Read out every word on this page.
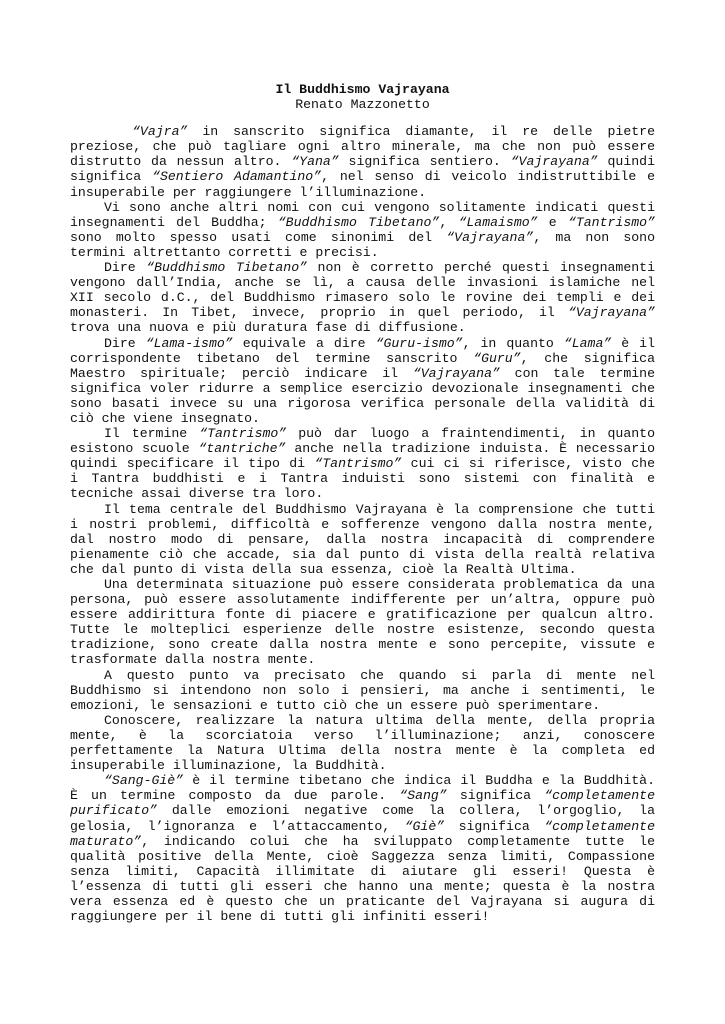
Il Buddhismo Vajrayana

Renato Mazzonetto

“Vajra” in sanscrito significa diamante, il re delle pietre preziose, che può tagliare ogni altro minerale, ma che non può essere distrutto da nessun altro. “Yana” significa sentiero. “Vajrayana” quindi significa “Sentiero Adamantino”, nel senso di veicolo indistruttibile e insuperabile per raggiungere l’illuminazione.

Vi sono anche altri nomi con cui vengono solitamente indicati questi insegnamenti del Buddha; “Buddhismo Tibetano”, “Lamaismo” e “Tantrismo” sono molto spesso usati come sinonimi del “Vajrayana”, ma non sono termini altrettanto corretti e precisi.

Dire “Buddhismo Tibetano” non è corretto perché questi insegnamenti vengono dall’India, anche se lì, a causa delle invasioni islamiche nel XII secolo d.C., del Buddhismo rimasero solo le rovine dei templi e dei monasteri. In Tibet, invece, proprio in quel periodo, il “Vajrayana” trova una nuova e più duratura fase di diffusione.

Dire “Lama-ismo” equivale a dire “Guru-ismo”, in quanto “Lama” è il corrispondente tibetano del termine sanscrito “Guru”, che significa Maestro spirituale; perciò indicare il “Vajrayana” con tale termine significa voler ridurre a semplice esercizio devozionale insegnamenti che sono basati invece su una rigorosa verifica personale della validità di ciò che viene insegnato.

Il termine “Tantrismo” può dar luogo a fraintendimenti, in quanto esistono scuole “tantriche” anche nella tradizione induista. È necessario quindi specificare il tipo di “Tantrismo” cui ci si riferisce, visto che i Tantra buddhisti e i Tantra induisti sono sistemi con finalità e tecniche assai diverse tra loro.

Il tema centrale del Buddhismo Vajrayana è la comprensione che tutti i nostri problemi, difficoltà e sofferenze vengono dalla nostra mente, dal nostro modo di pensare, dalla nostra incapacità di comprendere pienamente ciò che accade, sia dal punto di vista della realtà relativa che dal punto di vista della sua essenza, cioè la Realtà Ultima.

Una determinata situazione può essere considerata problematica da una persona, può essere assolutamente indifferente per un’altra, oppure può essere addirittura fonte di piacere e gratificazione per qualcun altro. Tutte le molteplici esperienze delle nostre esistenze, secondo questa tradizione, sono create dalla nostra mente e sono percepite, vissute e trasformate dalla nostra mente.

A questo punto va precisato che quando si parla di mente nel Buddhismo si intendono non solo i pensieri, ma anche i sentimenti, le emozioni, le sensazioni e tutto ciò che un essere può sperimentare.

Conoscere, realizzare la natura ultima della mente, della propria mente, è la scorciatoia verso l’illuminazione; anzi, conoscere perfettamente la Natura Ultima della nostra mente è la completa ed insuperabile illuminazione, la Buddhità.

“Sang-Giè” è il termine tibetano che indica il Buddha e la Buddhità. È un termine composto da due parole. “Sang” significa “completamente purificato” dalle emozioni negative come la collera, l’orgoglio, la gelosia, l’ignoranza e l’attaccamento, “Giè” significa “completamente maturato”, indicando colui che ha sviluppato completamente tutte le qualità positive della Mente, cioè Saggezza senza limiti, Compassione senza limiti, Capacità illimitate di aiutare gli esseri! Questa è l’essenza di tutti gli esseri che hanno una mente; questa è la nostra vera essenza ed è questo che un praticante del Vajrayana si augura di raggiungere per il bene di tutti gli infiniti esseri!
